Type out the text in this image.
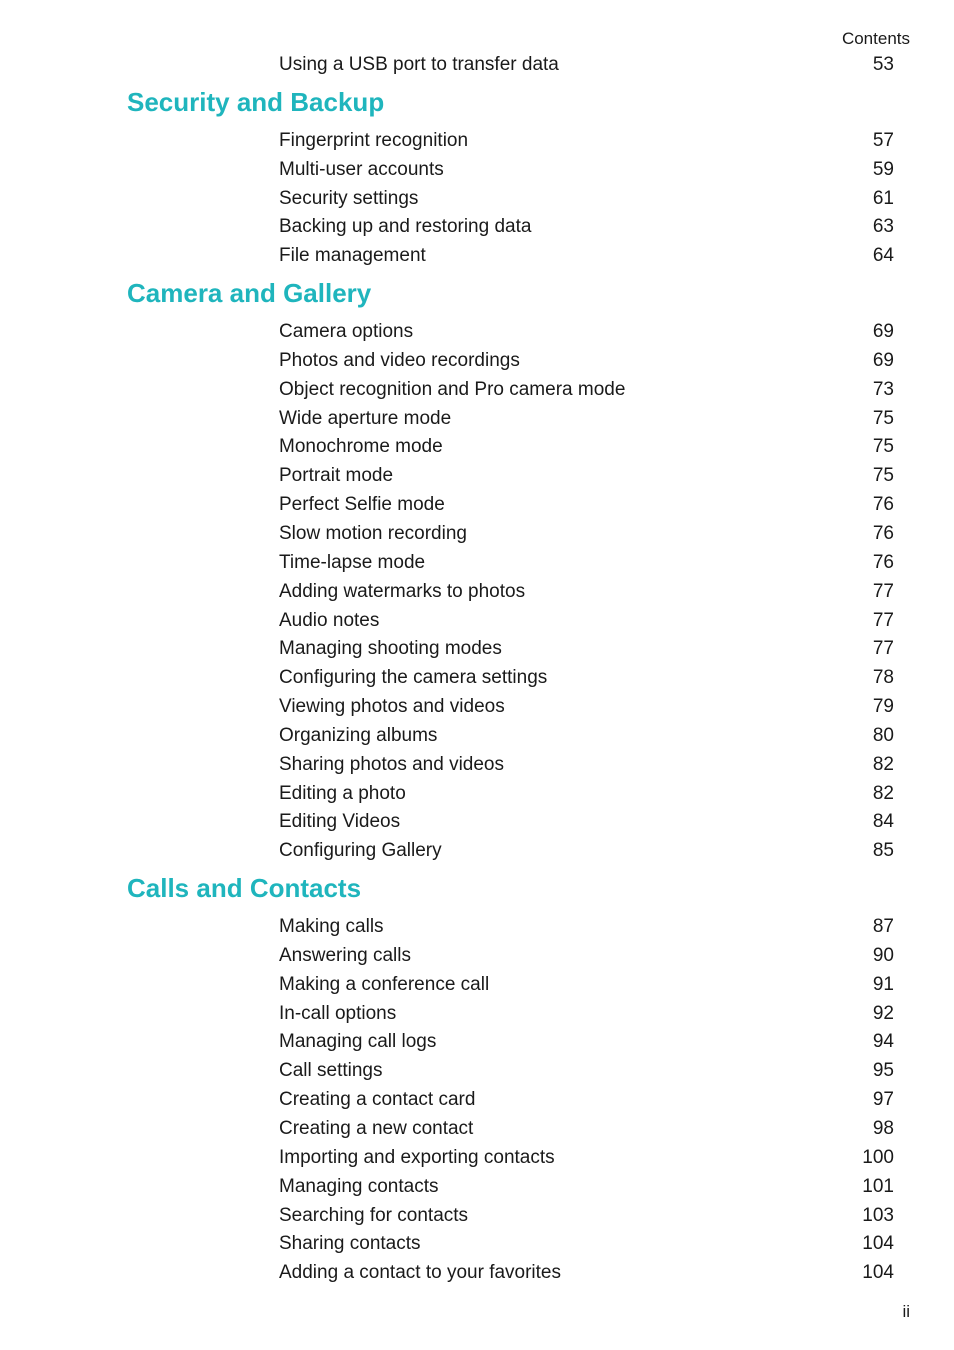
Contents
Using a USB port to transfer data	53
Security and Backup
Fingerprint recognition	57
Multi-user accounts	59
Security settings	61
Backing up and restoring data	63
File management	64
Camera and Gallery
Camera options	69
Photos and video recordings	69
Object recognition and Pro camera mode	73
Wide aperture mode	75
Monochrome mode	75
Portrait mode	75
Perfect Selfie mode	76
Slow motion recording	76
Time-lapse mode	76
Adding watermarks to photos	77
Audio notes	77
Managing shooting modes	77
Configuring the camera settings	78
Viewing photos and videos	79
Organizing albums	80
Sharing photos and videos	82
Editing a photo	82
Editing Videos	84
Configuring Gallery	85
Calls and Contacts
Making calls	87
Answering calls	90
Making a conference call	91
In-call options	92
Managing call logs	94
Call settings	95
Creating a contact card	97
Creating a new contact	98
Importing and exporting contacts	100
Managing contacts	101
Searching for contacts	103
Sharing contacts	104
Adding a contact to your favorites	104
ii
